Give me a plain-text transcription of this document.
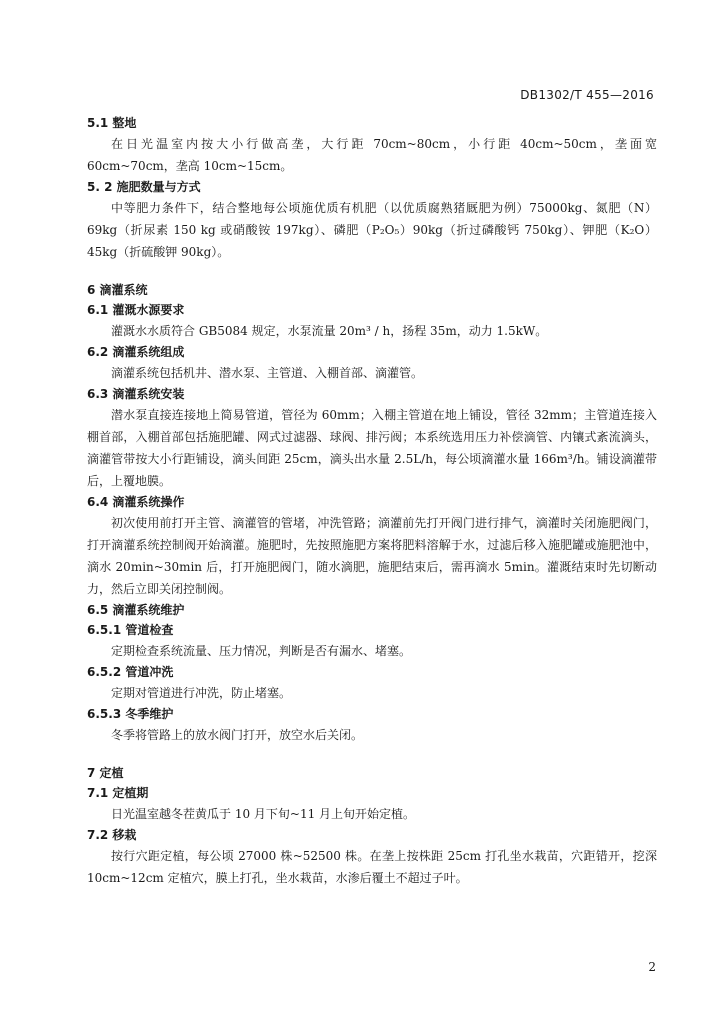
DB1302/T 455—2016
5.1 整地
在日光温室内按大小行做高垄，大行距 70cm~80cm，小行距 40cm~50cm，垄面宽 60cm~70cm，垄高 10cm~15cm。
5. 2 施肥数量与方式
中等肥力条件下，结合整地每公顷施优质有机肥（以优质腐熟猪厩肥为例）75000kg、氮肥（N）69kg（折尿素 150 kg 或硝酸铵 197kg）、磷肥（P₂O₅）90kg（折过磷酸钙 750kg）、钾肥（K₂O）45kg（折硫酸钾 90kg）。
6 滴灌系统
6.1 灌溉水源要求
灌溉水水质符合 GB5084 规定，水泵流量 20m³ / h，扬程 35m，动力 1.5kW。
6.2 滴灌系统组成
滴灌系统包括机井、潜水泵、主管道、入棚首部、滴灌管。
6.3 滴灌系统安装
潜水泵直接连接地上简易管道，管径为 60mm；入棚主管道在地上铺设，管径 32mm；主管道连接入棚首部，入棚首部包括施肥罐、网式过滤器、球阀、排污阀；本系统选用压力补偿滴管、内镶式紊流滴头，滴灌管带按大小行距铺设，滴头间距 25cm，滴头出水量 2.5L/h，每公顷滴灌水量 166m³/h。铺设滴灌带后，上覆地膜。
6.4 滴灌系统操作
初次使用前打开主管、滴灌管的管堵，冲洗管路；滴灌前先打开阀门进行排气，滴灌时关闭施肥阀门，打开滴灌系统控制阀开始滴灌。施肥时，先按照施肥方案将肥料溶解于水，过滤后移入施肥罐或施肥池中，滴水 20min~30min 后，打开施肥阀门，随水滴肥，施肥结束后，需再滴水 5min。灌溉结束时先切断动力，然后立即关闭控制阀。
6.5 滴灌系统维护
6.5.1 管道检查
定期检查系统流量、压力情况，判断是否有漏水、堵塞。
6.5.2 管道冲洗
定期对管道进行冲洗，防止堵塞。
6.5.3 冬季维护
冬季将管路上的放水阀门打开，放空水后关闭。
7 定植
7.1 定植期
日光温室越冬茬黄瓜于 10 月下旬~11 月上旬开始定植。
7.2 移栽
按行穴距定植，每公顷 27000 株~52500 株。在垄上按株距 25cm 打孔坐水栽苗，穴距错开，挖深 10cm~12cm 定植穴，膜上打孔，坐水栽苗，水渗后覆土不超过子叶。
2
